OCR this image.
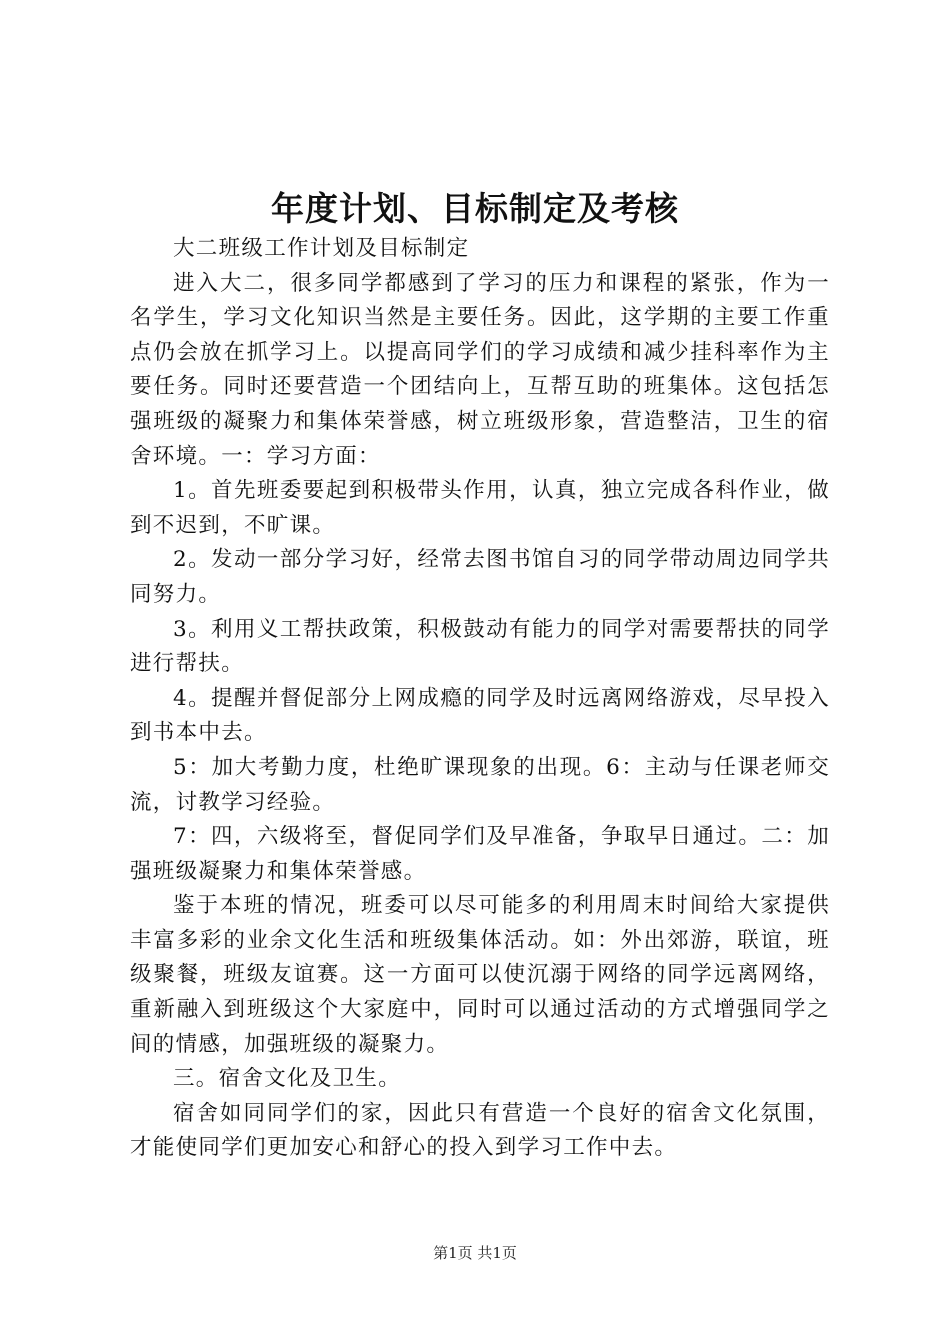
年度计划、目标制定及考核

大二班级工作计划及目标制定

进入大二，很多同学都感到了学习的压力和课程的紧张，作为一名学生，学习文化知识当然是主要任务。因此，这学期的主要工作重点仍会放在抓学习上。以提高同学们的学习成绩和减少挂科率作为主要任务。同时还要营造一个团结向上，互帮互助的班集体。这包括怎强班级的凝聚力和集体荣誉感，树立班级形象，营造整洁，卫生的宿舍环境。一：学习方面：

1。首先班委要起到积极带头作用，认真，独立完成各科作业，做到不迟到，不旷课。

2。发动一部分学习好，经常去图书馆自习的同学带动周边同学共同努力。

3。利用义工帮扶政策，积极鼓动有能力的同学对需要帮扶的同学进行帮扶。

4。提醒并督促部分上网成瘾的同学及时远离网络游戏，尽早投入到书本中去。

5：加大考勤力度，杜绝旷课现象的出现。6：主动与任课老师交流，讨教学习经验。

7：四，六级将至，督促同学们及早准备，争取早日通过。二：加强班级凝聚力和集体荣誉感。

鉴于本班的情况，班委可以尽可能多的利用周末时间给大家提供丰富多彩的业余文化生活和班级集体活动。如：外出郊游，联谊，班级聚餐，班级友谊赛。这一方面可以使沉溺于网络的同学远离网络，重新融入到班级这个大家庭中，同时可以通过活动的方式增强同学之间的情感，加强班级的凝聚力。

三。宿舍文化及卫生。

宿舍如同同学们的家，因此只有营造一个良好的宿舍文化氛围，才能使同学们更加安心和舒心的投入到学习工作中去。

第1页 共1页
